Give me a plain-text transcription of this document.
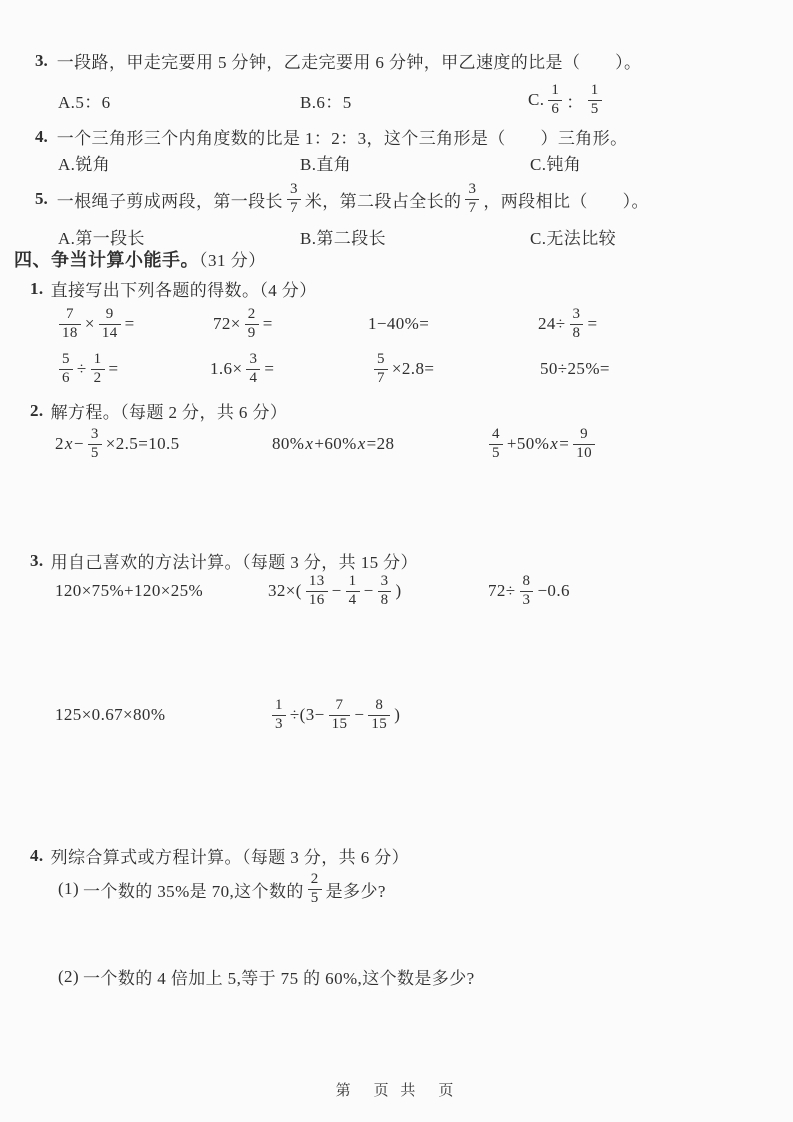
3. 一段路，甲走完要用 5 分钟，乙走完要用 6 分钟，甲乙速度的比是（　　）。
A.5：6	B.6：5	C. $\frac{1}{6}$ ： $\frac{1}{5}$
4. 一个三角形三个内角度数的比是 1：2：3，这个三角形是（　　）三角形。
A.锐角	B.直角	C.钝角
5. 一根绳子剪成两段，第一段长 $\frac{3}{7}$ 米，第二段占全长的 $\frac{3}{7}$ ，两段相比（　　）。
A.第一段长	B.第二段长	C.无法比较
四、争当计算小能手。（31 分）
1. 直接写出下列各题的得数。（4 分）
$\frac{7}{18} \times \frac{9}{14}$ =	$72\times \frac{2}{9}$ =	1−40%=	$24\div \frac{3}{8}$ =
$\frac{5}{6} \div \frac{1}{2}$ =	$1.6\times \frac{3}{4}$ =	$\frac{5}{7} \times 2.8=$	50÷25%=
2. 解方程。（每题 2 分，共 6 分）
2 $x - \frac{3}{5} \times 2.5=10.5$	80% x +60% x =28	$\frac{4}{5} +50\%$ $x = \frac{9}{10}$
3. 用自己喜欢的方法计算。（每题 3 分，共 15 分）
120×75%+120×25%	$32\times( \frac{13}{16} - \frac{1}{4} - \frac{3}{8}$ )	$72\div \frac{8}{3} -0.6$
125×0.67×80%	$\frac{1}{3} \div(3- \frac{7}{15} - \frac{8}{15}$ )
4. 列综合算式或方程计算。（每题 3 分，共 6 分）
(1) 一个数的 35%是 70,这个数的 $\frac{2}{5}$ 是多少?
(2) 一个数的 4 倍加上 5,等于 75 的 60%,这个数是多少?
第　页 共　页
